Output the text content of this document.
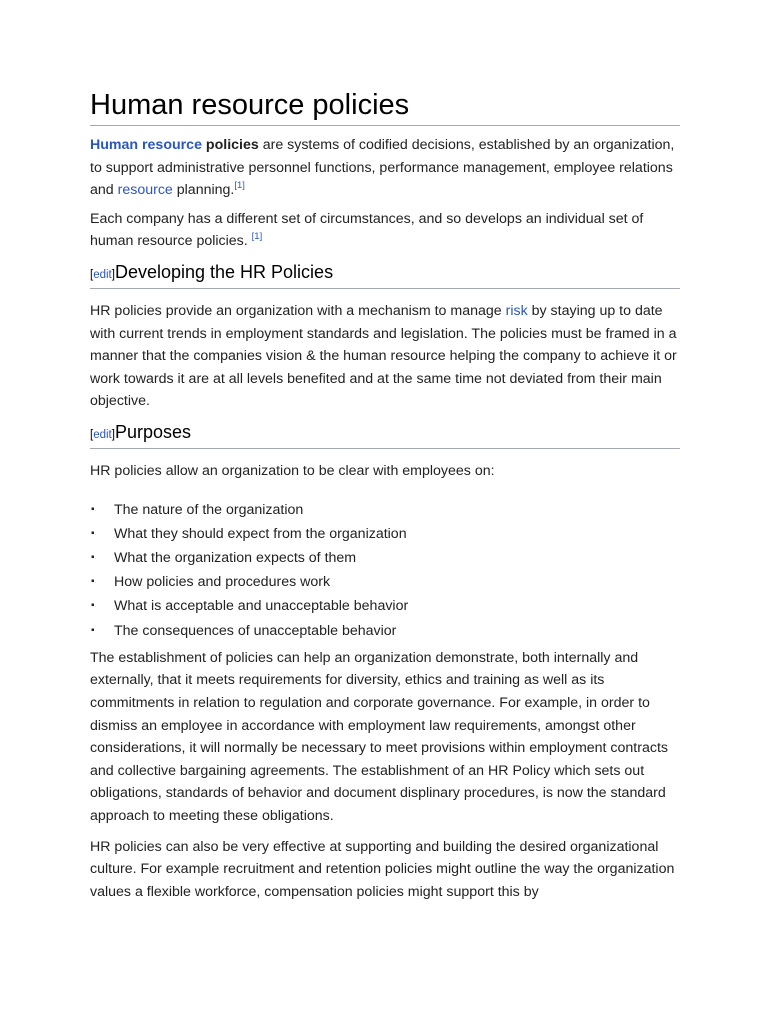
Human resource policies

Human resource policies are systems of codified decisions, established by an organization, to support administrative personnel functions, performance management, employee relations and resource planning.[1]

Each company has a different set of circumstances, and so develops an individual set of human resource policies. [1]

[edit]Developing the HR Policies

HR policies provide an organization with a mechanism to manage risk by staying up to date with current trends in employment standards and legislation. The policies must be framed in a manner that the companies vision & the human resource helping the company to achieve it or work towards it are at all levels benefited and at the same time not deviated from their main objective.

[edit]Purposes

HR policies allow an organization to be clear with employees on:

▪ The nature of the organization
▪ What they should expect from the organization
▪ What the organization expects of them
▪ How policies and procedures work
▪ What is acceptable and unacceptable behavior
▪ The consequences of unacceptable behavior

The establishment of policies can help an organization demonstrate, both internally and externally, that it meets requirements for diversity, ethics and training as well as its commitments in relation to regulation and corporate governance. For example, in order to dismiss an employee in accordance with employment law requirements, amongst other considerations, it will normally be necessary to meet provisions within employment contracts and collective bargaining agreements. The establishment of an HR Policy which sets out obligations, standards of behavior and document displinary procedures, is now the standard approach to meeting these obligations.

HR policies can also be very effective at supporting and building the desired organizational culture. For example recruitment and retention policies might outline the way the organization values a flexible workforce, compensation policies might support this by
